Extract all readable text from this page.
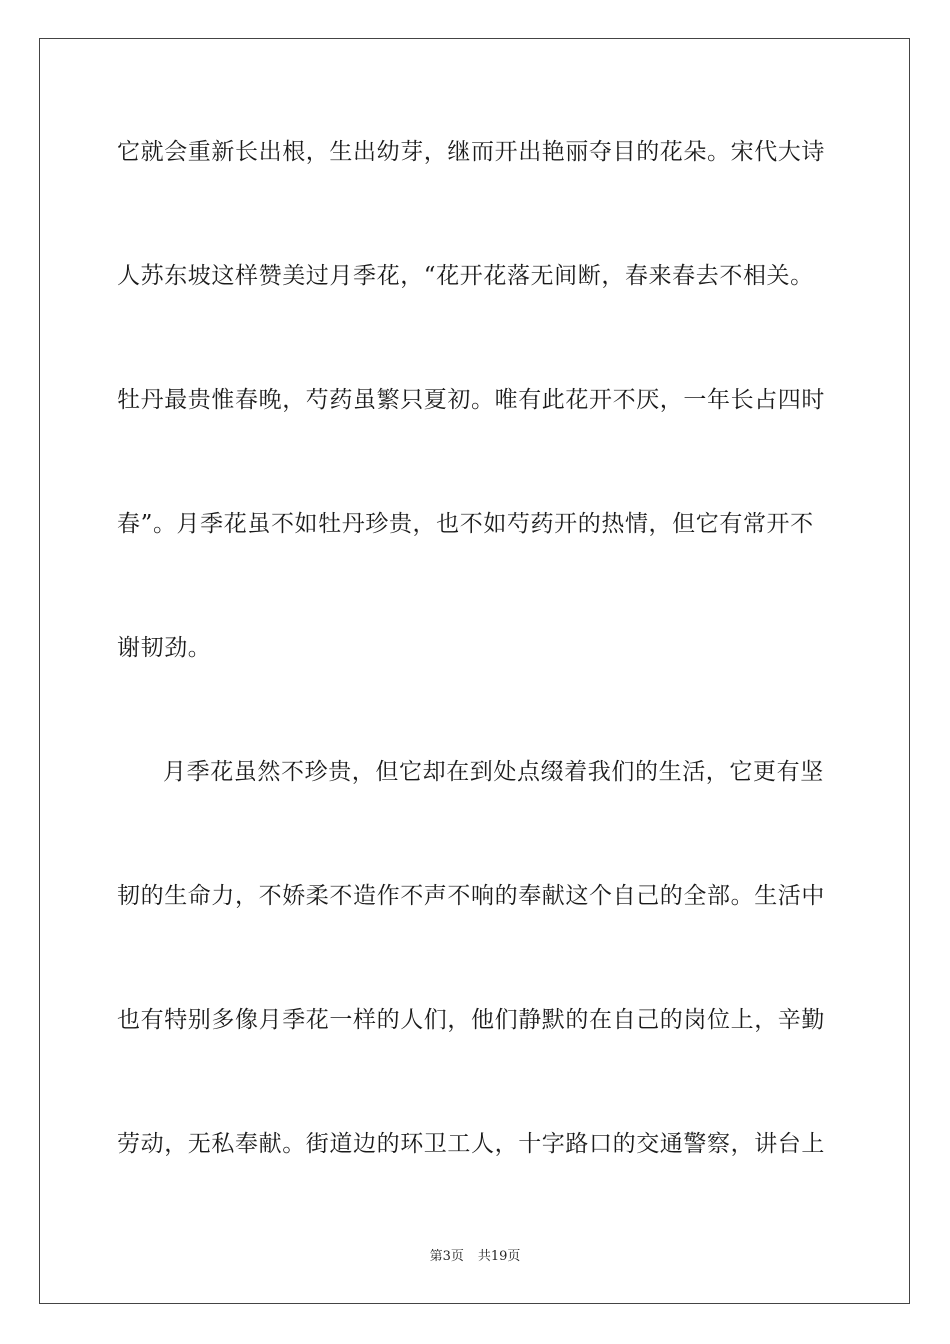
它就会重新长出根，生出幼芽，继而开出艳丽夺目的花朵。宋代大诗
人苏东坡这样赞美过月季花，“花开花落无间断，春来春去不相关。
牡丹最贵惟春晚，芍药虽繁只夏初。唯有此花开不厌，一年长占四时
春”。月季花虽不如牡丹珍贵，也不如芍药开的热情，但它有常开不
谢韧劲。
月季花虽然不珍贵，但它却在到处点缀着我们的生活，它更有坚
韧的生命力，不娇柔不造作不声不响的奉献这个自己的全部。生活中
也有特别多像月季花一样的人们，他们静默的在自己的岗位上，辛勤
劳动，无私奉献。街道边的环卫工人，十字路口的交通警察，讲台上
第3页 共19页
